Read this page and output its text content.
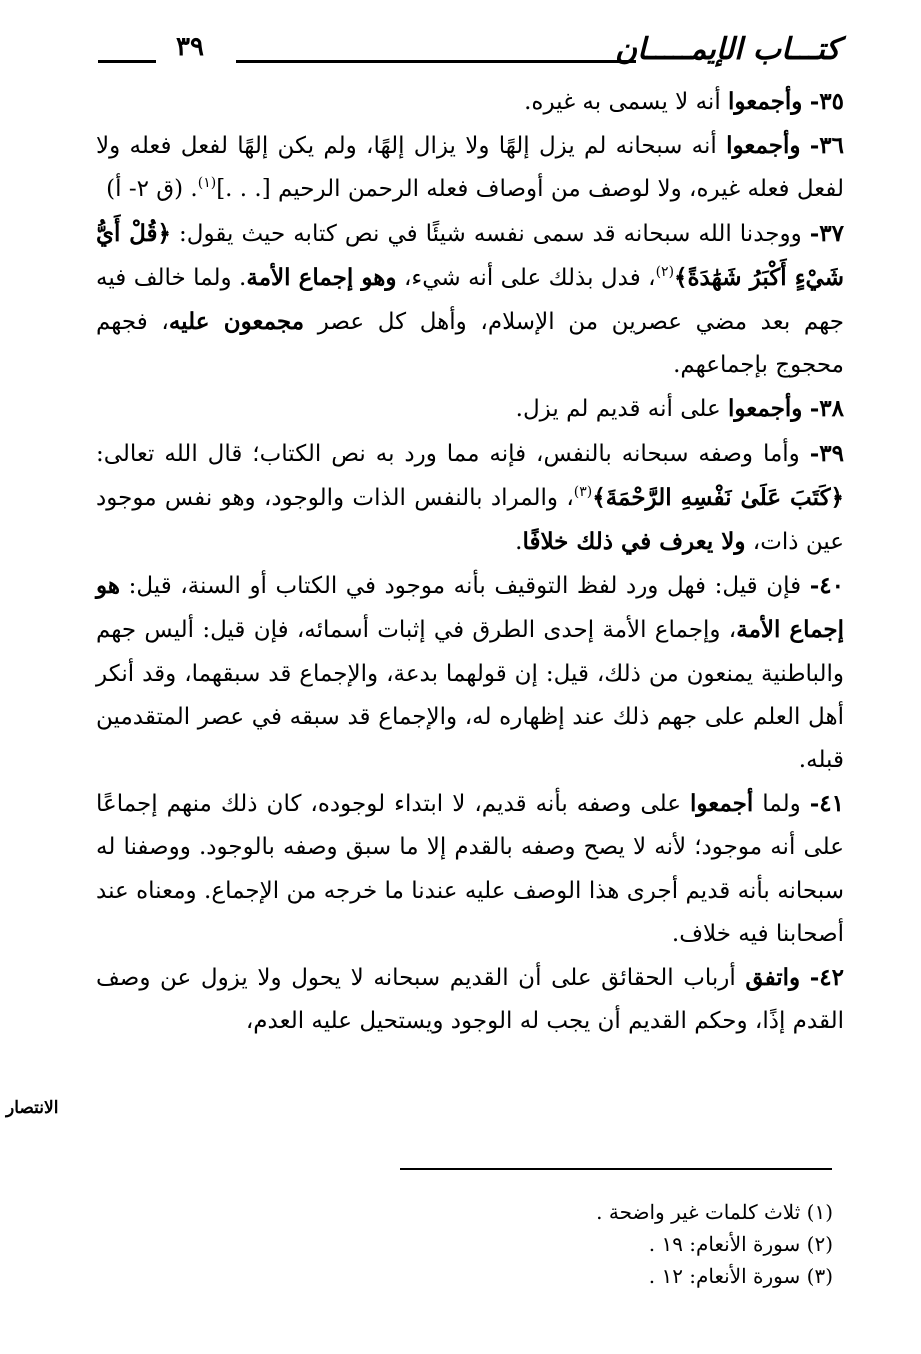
٣٩	كتـــاب الإيمـــــان

٣٥- وأجمعوا أنه لا يسمى به غيره.

٣٦- وأجمعوا أنه سبحانه لم يزل إلهًا ولا يزال إلهًا، ولم يكن إلهًا لفعل فعله ولا لفعل فعله غيره، ولا لوصف من أوصاف فعله الرحمن الرحيم [. . .]$^{(١)}$. (ق ٢- أ)

٣٧- ووجدنا الله سبحانه قد سمى نفسه شيئًا في نص كتابه حيث يقول: ﴿قُلْ أَيُّ شَيْءٍ أَكْبَرُ شَهَٰدَةً﴾$^{(٢)}$، فدل بذلك على أنه شيء، وهو إجماع الأمة. ولما خالف فيه جهم بعد مضي عصرين من الإسلام، وأهل كل عصر مجمعون عليه، فجهم محجوج بإجماعهم.

٣٨- وأجمعوا على أنه قديم لم يزل.

٣٩- وأما وصفه سبحانه بالنفس، فإنه مما ورد به نص الكتاب؛ قال الله تعالى: ﴿كَتَبَ عَلَىٰ نَفْسِهِ الرَّحْمَةَ﴾$^{(٣)}$، والمراد بالنفس الذات والوجود، وهو نفس موجود عين ذات، ولا يعرف في ذلك خلافًا.

٤٠- فإن قيل: فهل ورد لفظ التوقيف بأنه موجود في الكتاب أو السنة، قيل: هو إجماع الأمة، وإجماع الأمة إحدى الطرق في إثبات أسمائه، فإن قيل: أليس جهم والباطنية يمنعون من ذلك، قيل: إن قولهما بدعة، والإجماع قد سبقهما، وقد أنكر أهل العلم على جهم ذلك عند إظهاره له، والإجماع قد سبقه في عصر المتقدمين قبله.

٤١- ولما أجمعوا على وصفه بأنه قديم، لا ابتداء لوجوده، كان ذلك منهم إجماعًا على أنه موجود؛ لأنه لا يصح وصفه بالقدم إلا ما سبق وصفه بالوجود. ووصفنا له سبحانه بأنه قديم أجرى هذا الوصف عليه عندنا ما خرجه من الإجماع. ومعناه عند أصحابنا فيه خلاف.

٤٢- واتفق أرباب الحقائق على أن القديم سبحانه لا يحول ولا يزول عن وصف القدم إذًا، وحكم القديم أن يجب له الوجود ويستحيل عليه العدم،

الانتصار

(١) ثلاث كلمات غير واضحة .

(٢) سورة الأنعام: ١٩ .

(٣) سورة الأنعام: ١٢ .
